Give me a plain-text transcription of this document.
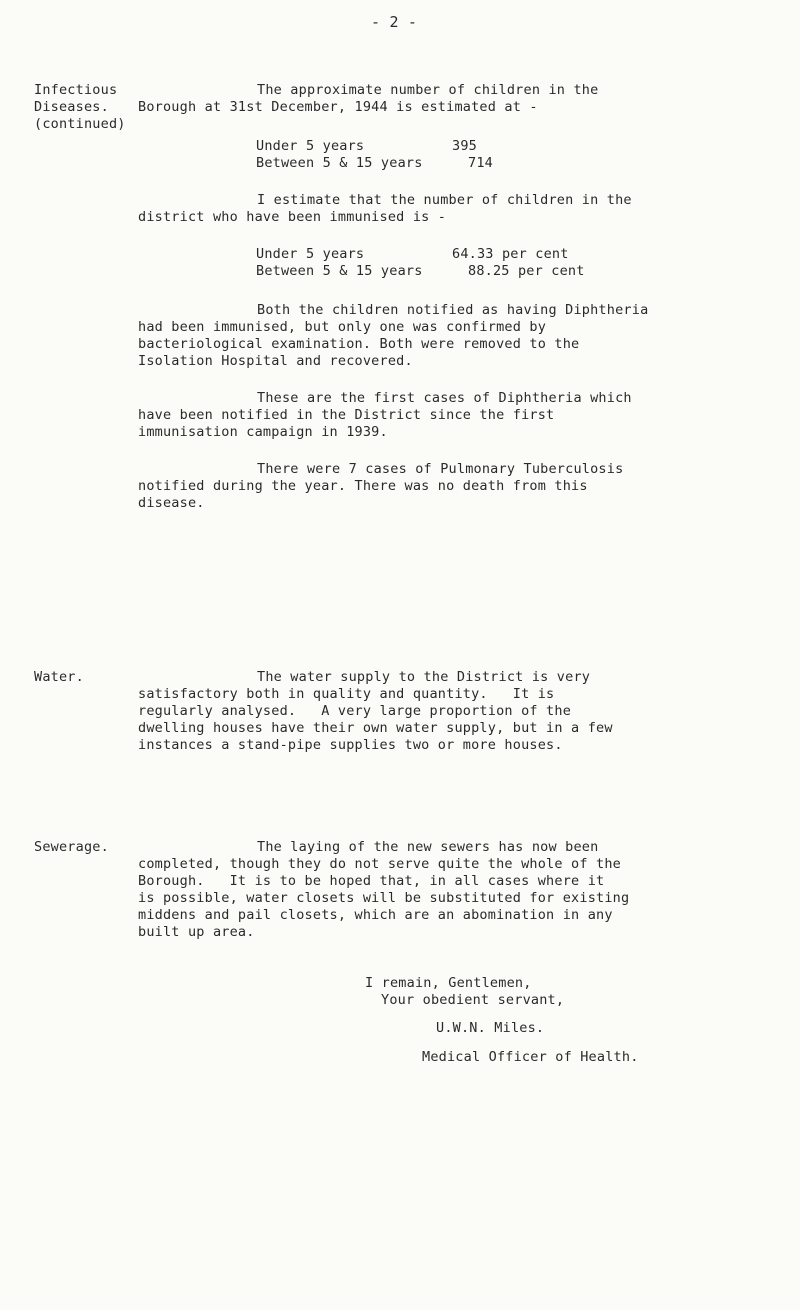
- 2 -
Infectious
Diseases.
(continued)
Water.
Sewerage.
The approximate number of children in the
Borough at 31st December, 1944 is estimated at -
Under 5 years	395
Between 5 & 15 years	714
I estimate that the number of children in the
district who have been immunised is -
Under 5 years	64.33 per cent
Between 5 & 15 years	88.25 per cent
Both the children notified as having Diphtheria
had been immunised, but only one was confirmed by
bacteriological examination. Both were removed to the
Isolation Hospital and recovered.
These are the first cases of Diphtheria which
have been notified in the District since the first
immunisation campaign in 1939.
There were 7 cases of Pulmonary Tuberculosis
notified during the year. There was no death from this
disease.
The water supply to the District is very
satisfactory both in quality and quantity.   It is
regularly analysed.   A very large proportion of the
dwelling houses have their own water supply, but in a few
instances a stand-pipe supplies two or more houses.
The laying of the new sewers has now been
completed, though they do not serve quite the whole of the
Borough.   It is to be hoped that, in all cases where it
is possible, water closets will be substituted for existing
middens and pail closets, which are an abomination in any
built up area.
I remain, Gentlemen,
Your obedient servant,
U.W.N. Miles.
Medical Officer of Health.
